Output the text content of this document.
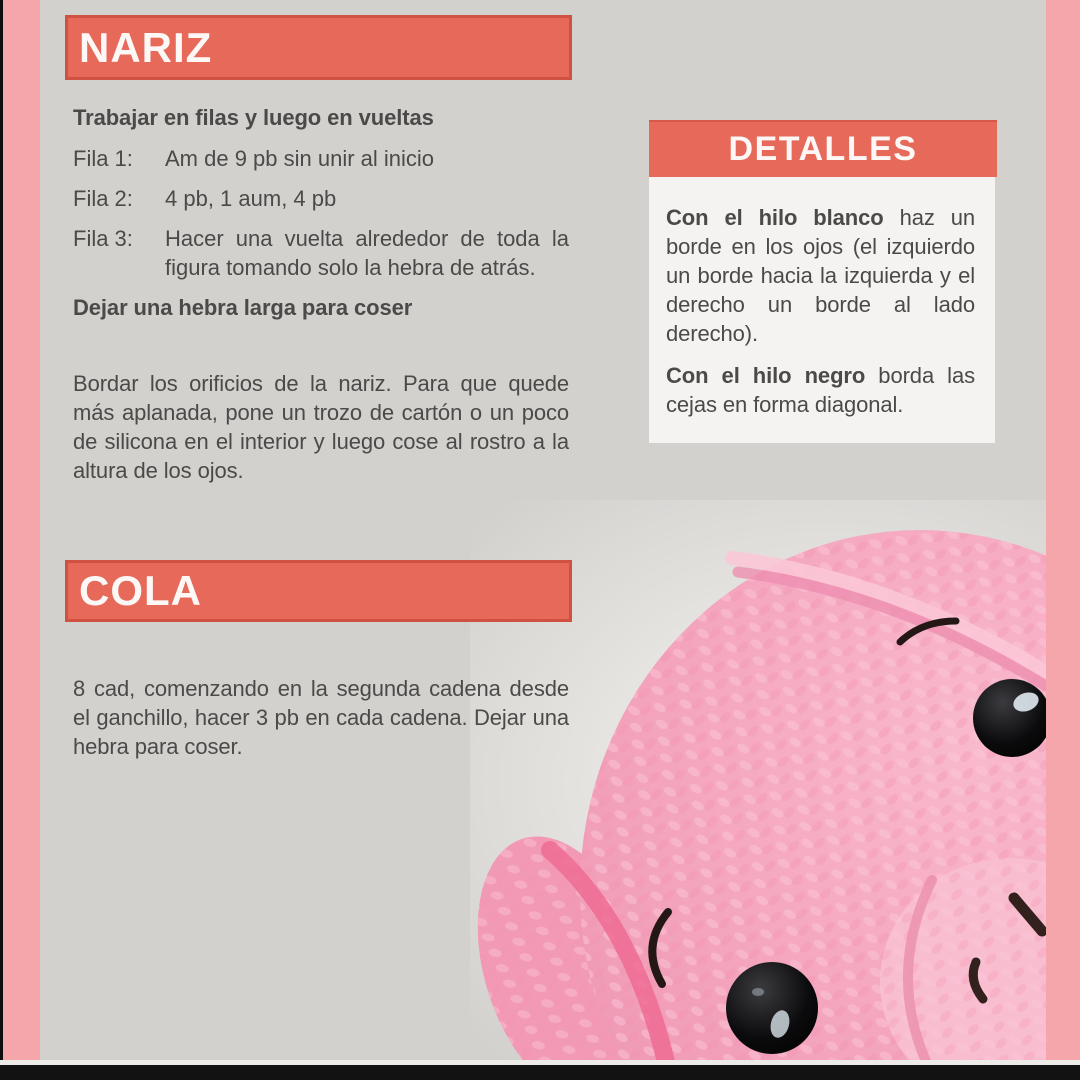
NARIZ
Trabajar en filas y luego en vueltas
Fila 1:	Am de 9 pb sin unir al inicio
Fila 2:	4 pb, 1 aum, 4 pb
Fila 3:	Hacer una vuelta alrededor de toda la figura tomando solo la hebra de atrás.
Dejar una hebra larga para coser
Bordar los orificios de la nariz. Para que quede más aplanada, pone un trozo de cartón o un poco de silicona en el interior y luego cose al rostro a la altura de los ojos.
DETALLES

Con el hilo blanco haz un borde en los ojos (el izquierdo un borde hacia la izquierda y el derecho un borde al lado derecho).

Con el hilo negro borda las cejas en forma diagonal.

COLA
8 cad, comenzando en la segunda cadena desde el ganchillo, hacer 3 pb en cada cadena. Dejar una hebra para coser.
